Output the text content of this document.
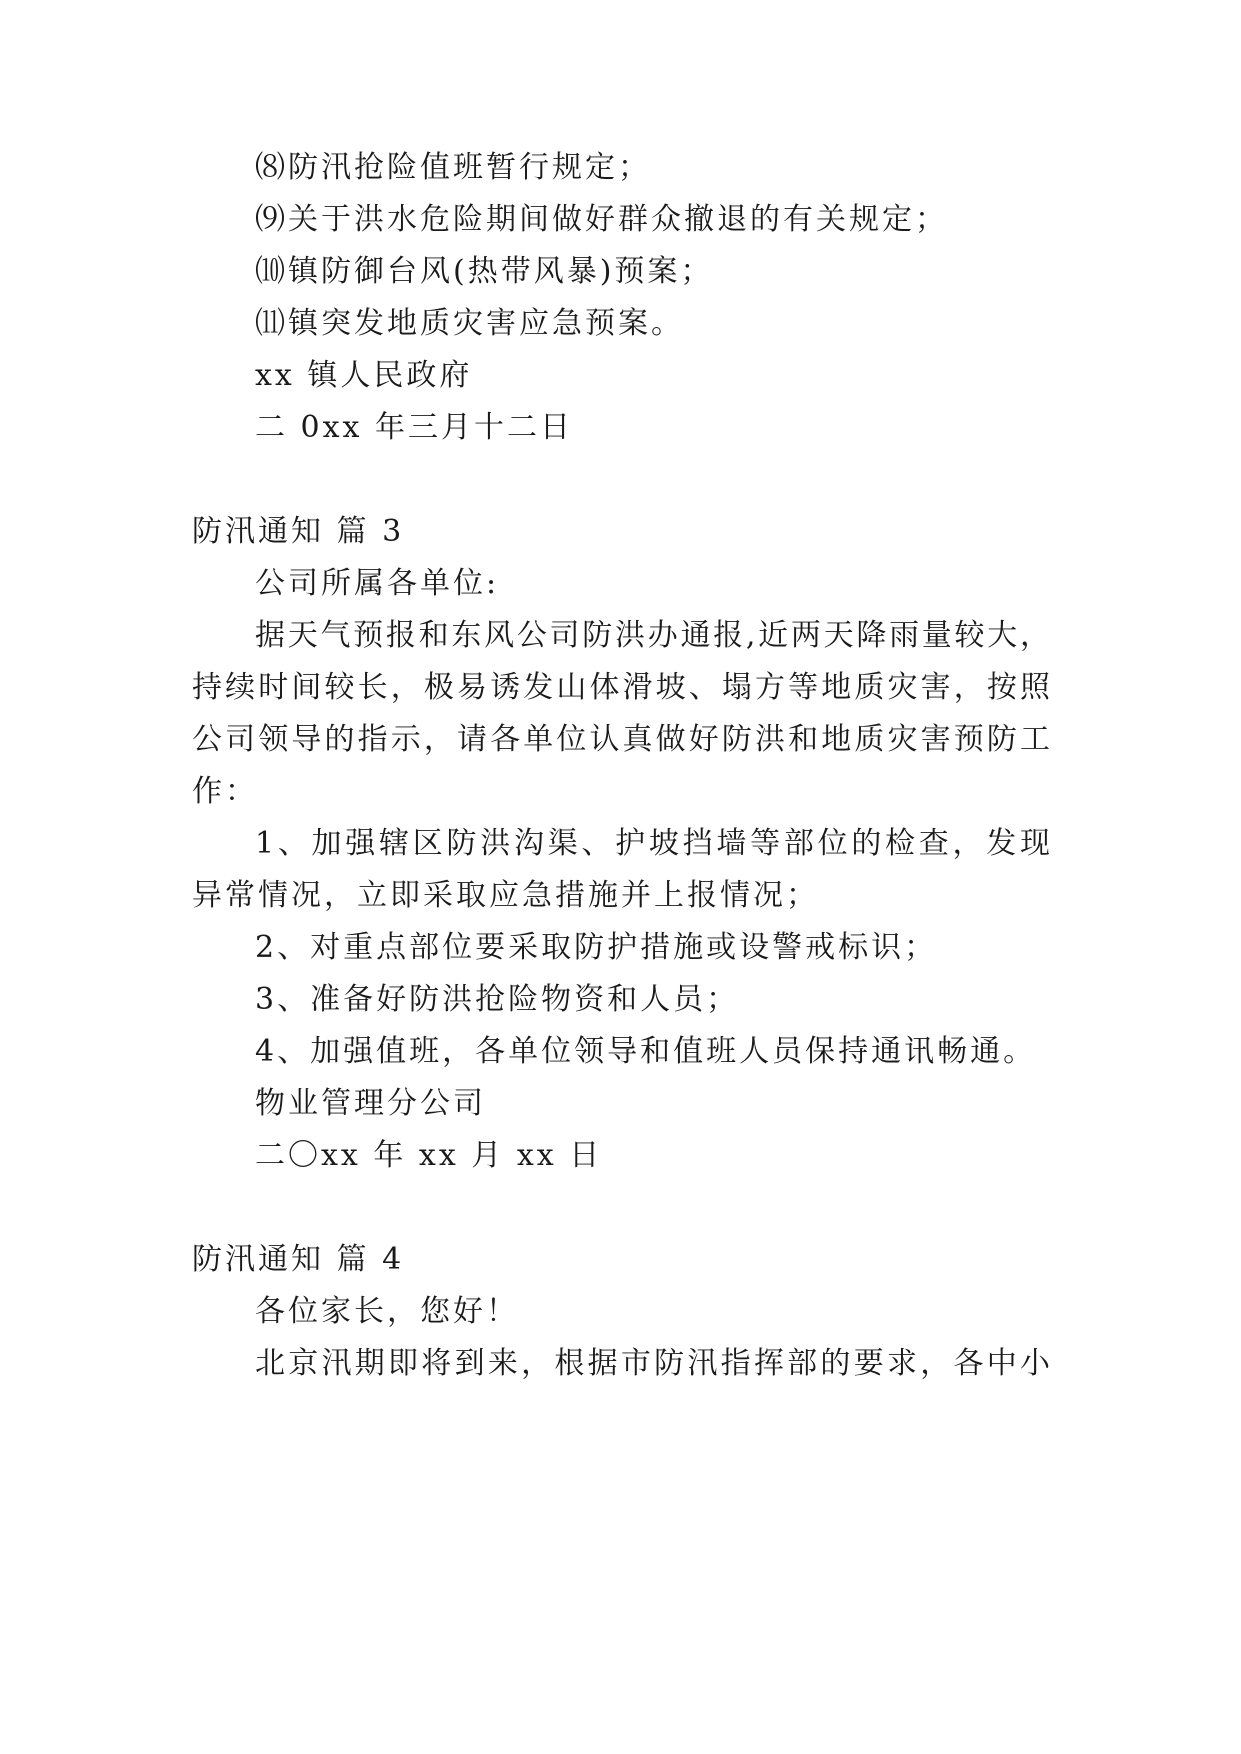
⑻防汛抢险值班暂行规定；
⑼关于洪水危险期间做好群众撤退的有关规定；
⑽镇防御台风(热带风暴)预案；
⑾镇突发地质灾害应急预案。
xx 镇人民政府
二 0xx 年三月十二日
防汛通知 篇 3
公司所属各单位:
据天气预报和东风公司防洪办通报,近两天降雨量较大，
持续时间较长，极易诱发山体滑坡、塌方等地质灾害，按照
公司领导的指示，请各单位认真做好防洪和地质灾害预防工
作：
1、加强辖区防洪沟渠、护坡挡墙等部位的检查，发现
异常情况，立即采取应急措施并上报情况；
2、对重点部位要采取防护措施或设警戒标识；
3、准备好防洪抢险物资和人员；
4、加强值班，各单位领导和值班人员保持通讯畅通。
物业管理分公司
二〇xx 年 xx 月 xx 日
防汛通知 篇 4
各位家长，您好！
北京汛期即将到来，根据市防汛指挥部的要求，各中小
